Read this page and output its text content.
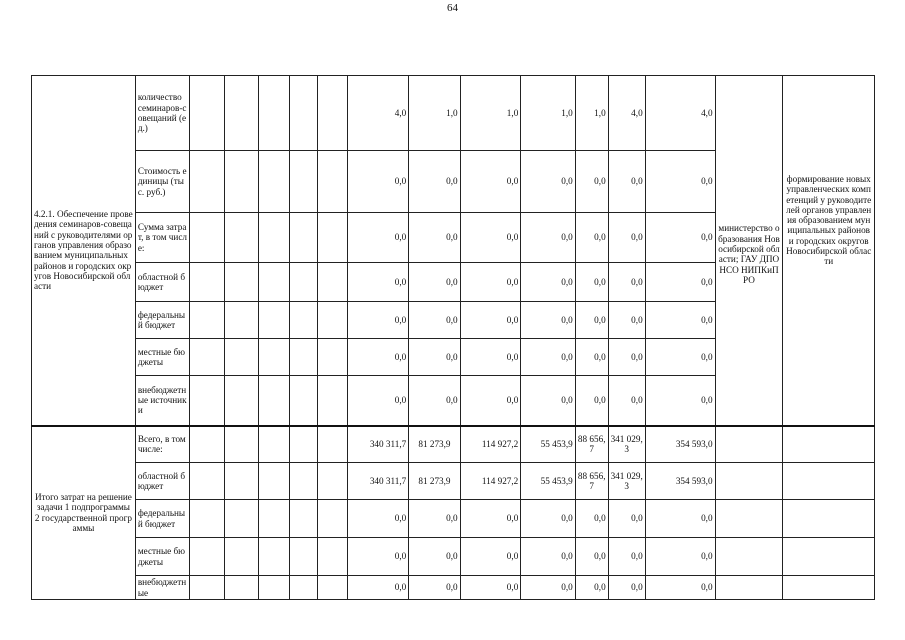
64
4.2.1. Обеспечение проведения семинаров-совещаний с руководителями органов управления образованием муниципальных районов и городских округов Новосибирской области	количество семинаров-совещаний (ед.)						4,0	1,0	1,0	1,0	1,0	4,0	4,0	министерство образования Новосибирской области; ГАУ ДПО НСО НИПКиПРО	формирование новых управленческих компетенций у руководителей органов управления образованием муниципальных районов и городских округов Новосибирской области

	Стоимость единицы (тыс. руб.)						0,0	0,0	0,0	0,0	0,0	0,0	0,0		
	Сумма затрат, в том числе:						0,0	0,0	0,0	0,0	0,0	0,0	0,0		
	областной бюджет						0,0	0,0	0,0	0,0	0,0	0,0	0,0		
	федеральный бюджет						0,0	0,0	0,0	0,0	0,0	0,0	0,0		
	местные бюджеты						0,0	0,0	0,0	0,0	0,0	0,0	0,0		
	внебюджетные источники						0,0	0,0	0,0	0,0	0,0	0,0	0,0		
Итого затрат на решение задачи 1 подпрограммы 2 государственной программы	Всего, в том числе:						340 311,7	81 273,9	114 927,2	55 453,9	88 656,7	341 029,3	354 593,0		
	областной бюджет						340 311,7	81 273,9	114 927,2	55 453,9	88 656,7	341 029,3	354 593,0		
	федеральный бюджет						0,0	0,0	0,0	0,0	0,0	0,0	0,0		
	местные бюджеты						0,0	0,0	0,0	0,0	0,0	0,0	0,0		
	внебюджетные						0,0	0,0	0,0	0,0	0,0	0,0	0,0		
